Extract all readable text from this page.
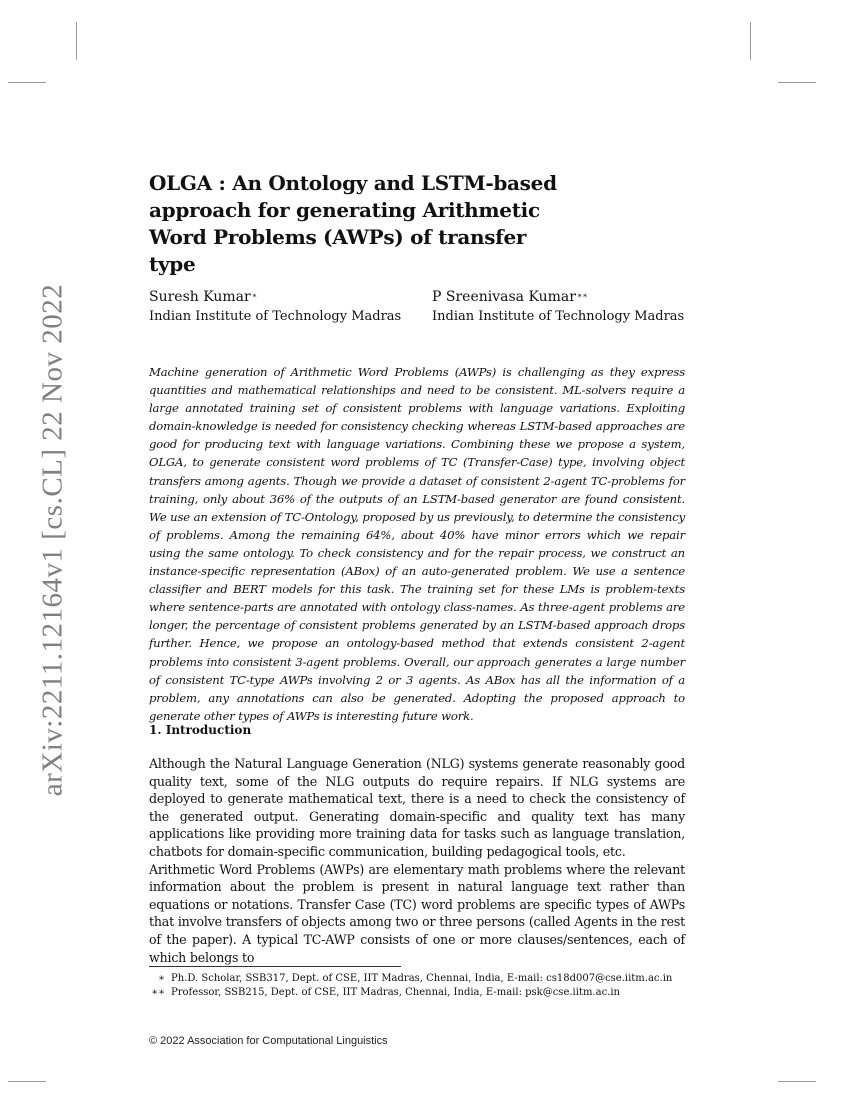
arXiv:2211.12164v1 [cs.CL] 22 Nov 2022
OLGA : An Ontology and LSTM-based approach for generating Arithmetic Word Problems (AWPs) of transfer type
Suresh Kumar∗
Indian Institute of Technology Madras
P Sreenivasa Kumar∗∗
Indian Institute of Technology Madras

Machine generation of Arithmetic Word Problems (AWPs) is challenging as they express quantities and mathematical relationships and need to be consistent. ML-solvers require a large annotated training set of consistent problems with language variations. Exploiting domain-knowledge is needed for consistency checking whereas LSTM-based approaches are good for producing text with language variations. Combining these we propose a system, OLGA, to generate consistent word problems of TC (Transfer-Case) type, involving object transfers among agents. Though we provide a dataset of consistent 2-agent TC-problems for training, only about 36% of the outputs of an LSTM-based generator are found consistent. We use an extension of TC-Ontology, proposed by us previously, to determine the consistency of problems. Among the remaining 64%, about 40% have minor errors which we repair using the same ontology. To check consistency and for the repair process, we construct an instance-specific representation (ABox) of an auto-generated problem. We use a sentence classifier and BERT models for this task. The training set for these LMs is problem-texts where sentence-parts are annotated with ontology class-names. As three-agent problems are longer, the percentage of consistent problems generated by an LSTM-based approach drops further. Hence, we propose an ontology-based method that extends consistent 2-agent problems into consistent 3-agent problems. Overall, our approach generates a large number of consistent TC-type AWPs involving 2 or 3 agents. As ABox has all the information of a problem, any annotations can also be generated. Adopting the proposed approach to generate other types of AWPs is interesting future work.

1. Introduction

Although the Natural Language Generation (NLG) systems generate reasonably good quality text, some of the NLG outputs do require repairs. If NLG systems are deployed to generate mathematical text, there is a need to check the consistency of the generated output. Generating domain-specific and quality text has many applications like providing more training data for tasks such as language translation, chatbots for domain-specific communication, building pedagogical tools, etc.

Arithmetic Word Problems (AWPs) are elementary math problems where the relevant information about the problem is present in natural language text rather than equations or notations. Transfer Case (TC) word problems are specific types of AWPs that involve transfers of objects among two or three persons (called Agents in the rest of the paper). A typical TC-AWP consists of one or more clauses/sentences, each of which belongs to

∗ Ph.D. Scholar, SSB317, Dept. of CSE, IIT Madras, Chennai, India, E-mail: cs18d007@cse.iitm.ac.in
∗∗ Professor, SSB215, Dept. of CSE, IIT Madras, Chennai, India, E-mail: psk@cse.iitm.ac.in
© 2022 Association for Computational Linguistics
